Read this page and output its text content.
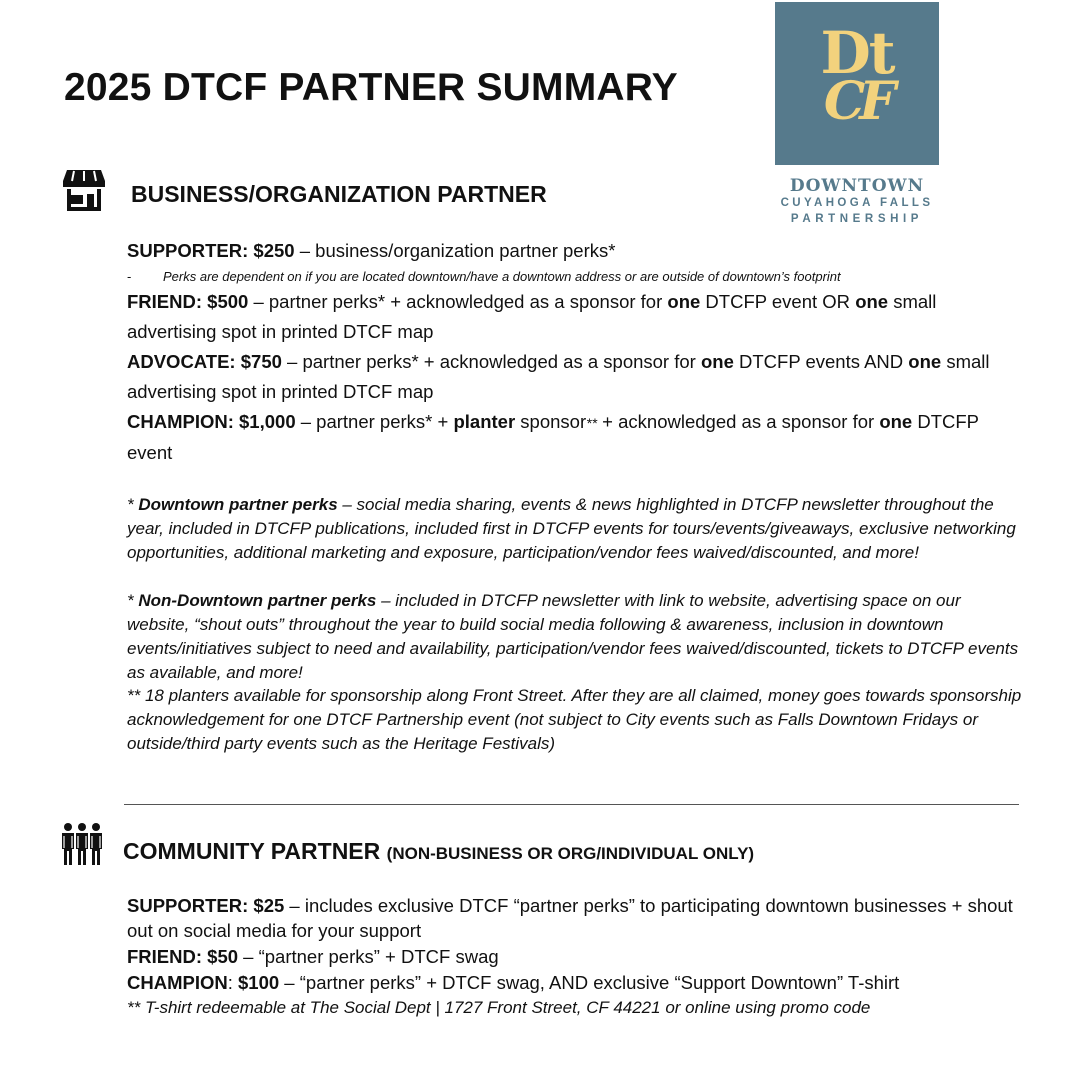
2025 DTCF PARTNER SUMMARY
Dt
CF
DOWNTOWN
CUYAHOGA FALLS
PARTNERSHIP
BUSINESS/ORGANIZATION PARTNER
SUPPORTER: $250 – business/organization partner perks*
- Perks are dependent on if you are located downtown/have a downtown address or are outside of downtown’s footprint
FRIEND: $500 – partner perks* + acknowledged as a sponsor for one DTCFP event OR one small advertising spot in printed DTCF map
ADVOCATE: $750 – partner perks* + acknowledged as a sponsor for one DTCFP events AND one small advertising spot in printed DTCF map
CHAMPION: $1,000 – partner perks* + planter sponsor** + acknowledged as a sponsor for one DTCFP event
* Downtown partner perks – social media sharing, events & news highlighted in DTCFP newsletter throughout the year, included in DTCFP publications, included first in DTCFP events for tours/events/giveaways, exclusive networking opportunities, additional marketing and exposure, participation/vendor fees waived/discounted, and more!
* Non-Downtown partner perks – included in DTCFP newsletter with link to website, advertising space on our website, “shout outs” throughout the year to build social media following & awareness, inclusion in downtown events/initiatives subject to need and availability, participation/vendor fees waived/discounted, tickets to DTCFP events as available, and more!
** 18 planters available for sponsorship along Front Street. After they are all claimed, money goes towards sponsorship acknowledgement for one DTCF Partnership event (not subject to City events such as Falls Downtown Fridays or outside/third party events such as the Heritage Festivals)
COMMUNITY PARTNER (NON-BUSINESS OR ORG/INDIVIDUAL ONLY)
SUPPORTER: $25 – includes exclusive DTCF “partner perks” to participating downtown businesses + shout out on social media for your support
FRIEND: $50 – “partner perks” + DTCF swag
CHAMPION: $100 – “partner perks” + DTCF swag, AND exclusive “Support Downtown” T-shirt
** T-shirt redeemable at The Social Dept | 1727 Front Street, CF 44221 or online using promo code
